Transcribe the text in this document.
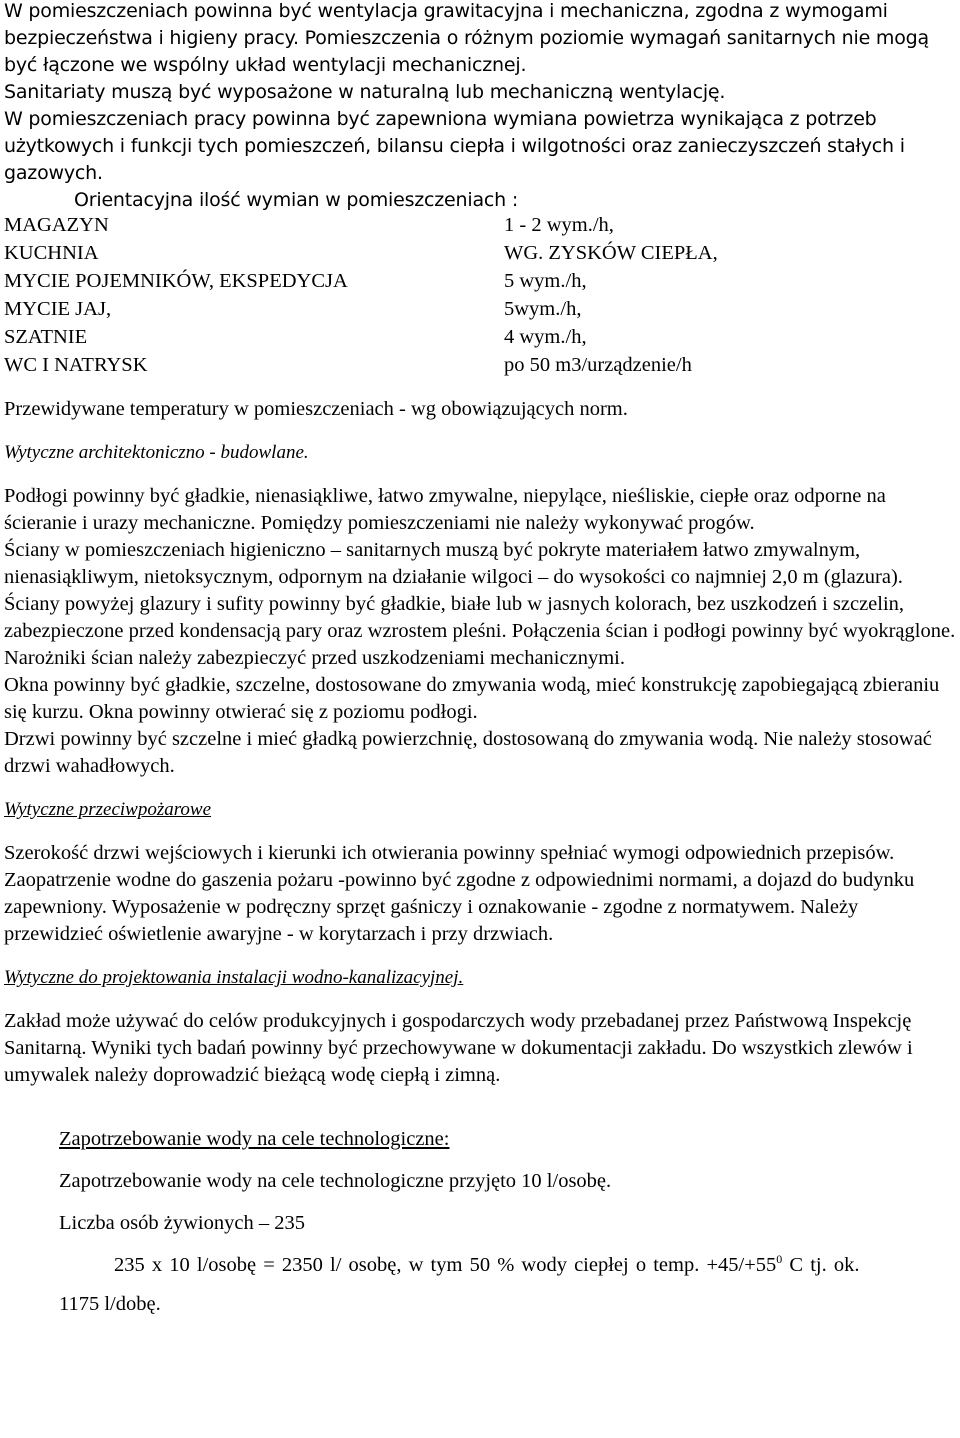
W pomieszczeniach powinna być wentylacja grawitacyjna i mechaniczna, zgodna z wymogami

bezpieczeństwa i higieny pracy. Pomieszczenia o różnym poziomie wymagań sanitarnych nie mogą

być łączone we wspólny układ wentylacji mechanicznej.

Sanitariaty muszą być wyposażone w naturalną lub mechaniczną wentylację.

W pomieszczeniach pracy powinna być zapewniona wymiana powietrza wynikająca z potrzeb użytkowych i funkcji tych pomieszczeń, bilansu ciepła i wilgotności oraz zanieczyszczeń stałych i gazowych.

Orientacyjna ilość wymian w pomieszczeniach :

MAGAZYN	1 - 2 wym./h,
KUCHNIA	WG. ZYSKÓW CIEPŁA,
MYCIE POJEMNIKÓW, EKSPEDYCJA	5 wym./h,
MYCIE JAJ,	5wym./h,
SZATNIE	4 wym./h,
WC I NATRYSK	po 50 m3/urządzenie/h

Przewidywane temperatury w pomieszczeniach - wg obowiązujących norm.

Wytyczne architektoniczno - budowlane.

Podłogi powinny być gładkie, nienasiąkliwe, łatwo zmywalne, niepylące, nieśliskie, ciepłe oraz odporne na ścieranie i urazy mechaniczne. Pomiędzy pomieszczeniami nie należy wykonywać progów.

Ściany w pomieszczeniach higieniczno – sanitarnych muszą być pokryte materiałem łatwo zmywalnym, nienasiąkliwym, nietoksycznym, odpornym na działanie wilgoci – do wysokości co najmniej 2,0 m (glazura). Ściany powyżej glazury i sufity powinny być gładkie, białe lub w jasnych kolorach, bez uszkodzeń i szczelin, zabezpieczone przed kondensacją pary oraz wzrostem pleśni. Połączenia ścian i podłogi powinny być wyokrąglone. Narożniki ścian należy zabezpieczyć przed uszkodzeniami mechanicznymi.

Okna powinny być gładkie, szczelne, dostosowane do zmywania wodą, mieć konstrukcję zapobiegającą zbieraniu się kurzu. Okna powinny otwierać się z poziomu podłogi.

Drzwi powinny być szczelne i mieć gładką powierzchnię, dostosowaną do zmywania wodą. Nie należy stosować drzwi wahadłowych.

Wytyczne przeciwpożarowe

Szerokość drzwi wejściowych i kierunki ich otwierania powinny spełniać wymogi odpowiednich przepisów. Zaopatrzenie wodne do gaszenia pożaru -powinno być zgodne z odpowiednimi normami, a dojazd do budynku zapewniony. Wyposażenie w podręczny sprzęt gaśniczy i oznakowanie - zgodne z normatywem. Należy przewidzieć oświetlenie awaryjne - w korytarzach i przy drzwiach.

Wytyczne do projektowania instalacji wodno-kanalizacyjnej.

Zakład może używać do celów produkcyjnych i gospodarczych wody przebadanej przez Państwową Inspekcję Sanitarną. Wyniki tych badań powinny być przechowywane w dokumentacji zakładu. Do wszystkich zlewów i umywalek należy doprowadzić bieżącą wodę ciepłą i zimną.

Zapotrzebowanie wody na cele technologiczne:

Zapotrzebowanie wody na cele technologiczne przyjęto 10 l/osobę.

Liczba osób żywionych – 235

235 x 10 l/osobę = 2350 l/ osobę, w tym 50 % wody ciepłej o temp. $+45/+55^0$ C tj. ok.

1175 l/dobę.
